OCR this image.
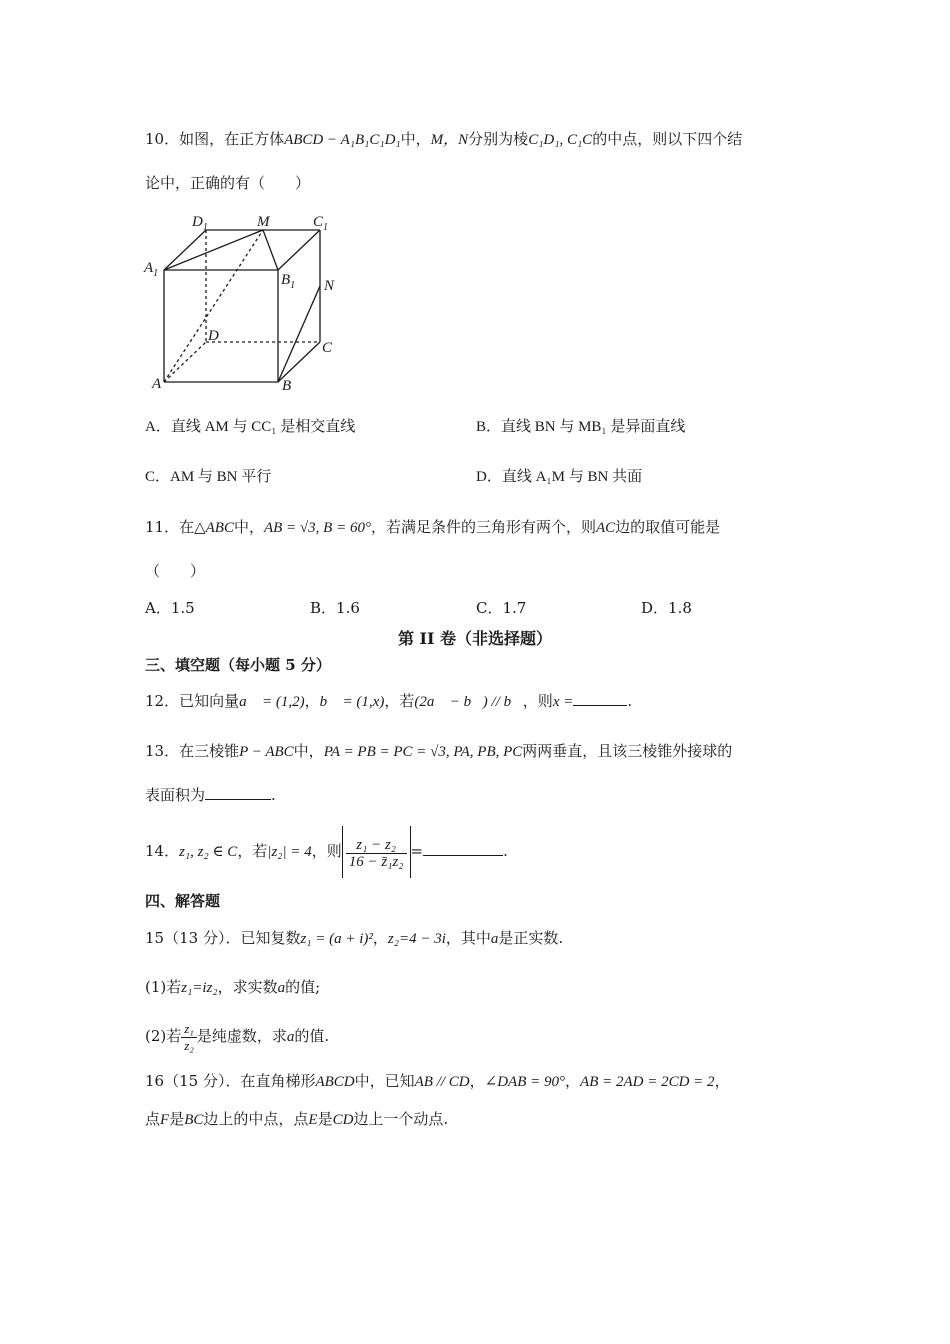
10．如图，在正方体ABCD − A₁B₁C₁D₁中，M，N分别为棱C₁D₁, C₁C的中点，则以下四个结
论中，正确的有（　　）
$D_1$	M	$C_1$
$A_1$	$B_1$ N
D
C
A	B
A．直线 AM 与 CC₁ 是相交直线	B．直线 BN 与 MB₁ 是异面直线
C．AM 与 BN 平行	D．直线 A₁M 与 BN 共面
11．在△ABC中，AB = √3, B = 60°，若满足条件的三角形有两个，则AC边的取值可能是
（　　）
A．1.5	B．1.6	C．1.7	D．1.8
第 II 卷（非选择题）
三、填空题（每小题 5 分）
12．已知向量a⃗ = (1,2)，b⃗ = (1,x)，若(2a⃗ − b⃗) // b⃗，则x =	.
13．在三棱锥P − ABC中，PA = PB = PC = √3, PA, PB, PC两两垂直，且该三棱锥外接球的
表面积为	.
14．z₁, z₂ ∈ C，若|z₂| = 4，则 $\frac{\text{z₁ − z₂}}{\text{16 − z̄₁z₂}}$ =	.
四、解答题
15（13 分）．已知复数z₁ = (a + i)²，z₂=4 − 3i，其中a是正实数.
(1)若z₁=iz₂，求实数a的值;
(2)若 $\frac{\text{z₁}}{\text{z₂}}$ 是纯虚数，求a的值.
16（15 分）．在直角梯形ABCD中，已知AB // CD，∠DAB = 90°，AB = 2AD = 2CD = 2，
点F是BC边上的中点，点E是CD边上一个动点.
